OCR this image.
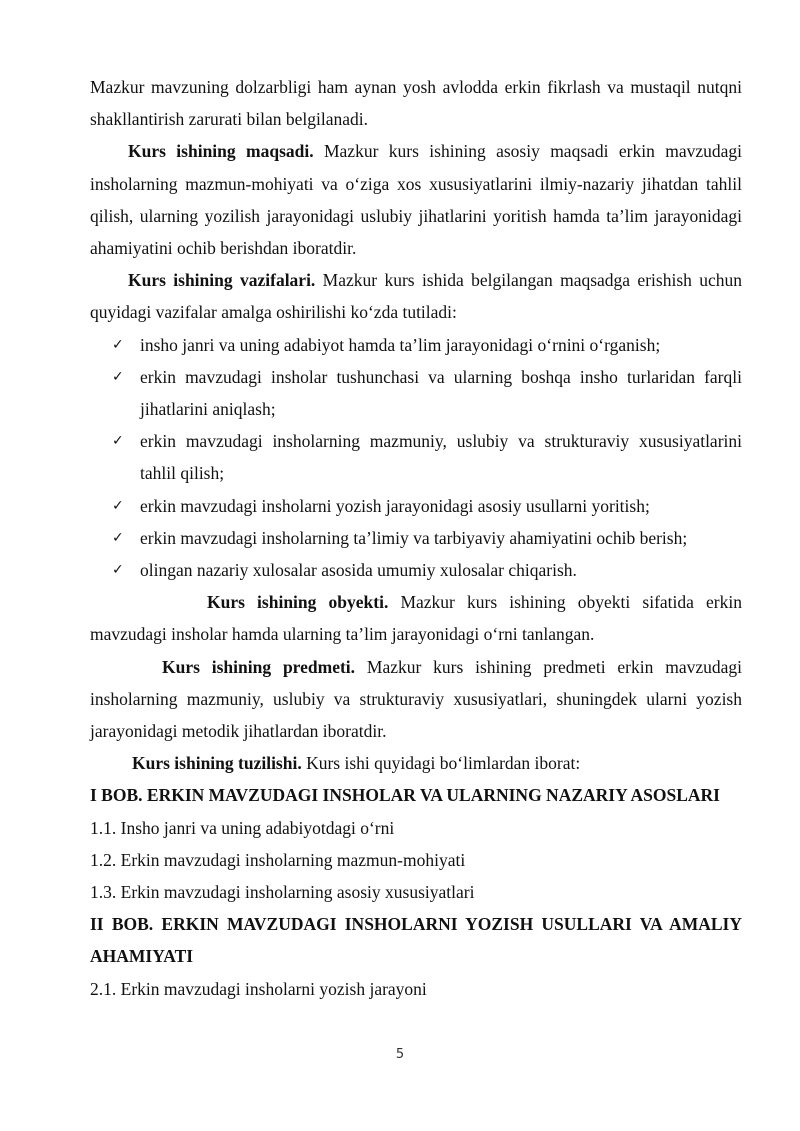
Mazkur mavzuning dolzarbligi ham aynan yosh avlodda erkin fikrlash va mustaqil nutqni shakllantirish zarurati bilan belgilanadi.

Kurs ishining maqsadi. Mazkur kurs ishining asosiy maqsadi erkin mavzudagi insholarning mazmun-mohiyati va o‘ziga xos xususiyatlarini ilmiy-nazariy jihatdan tahlil qilish, ularning yozilish jarayonidagi uslubiy jihatlarini yoritish hamda ta’lim jarayonidagi ahamiyatini ochib berishdan iboratdir.

Kurs ishining vazifalari. Mazkur kurs ishida belgilangan maqsadga erishish uchun quyidagi vazifalar amalga oshirilishi ko‘zda tutiladi:

✓ insho janri va uning adabiyot hamda ta’lim jarayonidagi o‘rnini o‘rganish;
✓ erkin mavzudagi insholar tushunchasi va ularning boshqa insho turlaridan farqli jihatlarini aniqlash;
✓ erkin mavzudagi insholarning mazmuniy, uslubiy va strukturaviy xususiyatlarini tahlil qilish;
✓ erkin mavzudagi insholarni yozish jarayonidagi asosiy usullarni yoritish;
✓ erkin mavzudagi insholarning ta’limiy va tarbiyaviy ahamiyatini ochib berish;
✓ olingan nazariy xulosalar asosida umumiy xulosalar chiqarish.

Kurs ishining obyekti. Mazkur kurs ishining obyekti sifatida erkin mavzudagi insholar hamda ularning ta’lim jarayonidagi o‘rni tanlangan.

Kurs ishining predmeti. Mazkur kurs ishining predmeti erkin mavzudagi insholarning mazmuniy, uslubiy va strukturaviy xususiyatlari, shuningdek ularni yozish jarayonidagi metodik jihatlardan iboratdir.

Kurs ishining tuzilishi. Kurs ishi quyidagi bo‘limlardan iborat:

I BOB. ERKIN MAVZUDAGI INSHOLAR VA ULARNING NAZARIY ASOSLARI

1.1. Insho janri va uning adabiyotdagi o‘rni

1.2. Erkin mavzudagi insholarning mazmun-mohiyati

1.3. Erkin mavzudagi insholarning asosiy xususiyatlari

II BOB. ERKIN MAVZUDAGI INSHOLARNI YOZISH USULLARI VA AMALIY AHAMIYATI

2.1. Erkin mavzudagi insholarni yozish jarayoni

5
